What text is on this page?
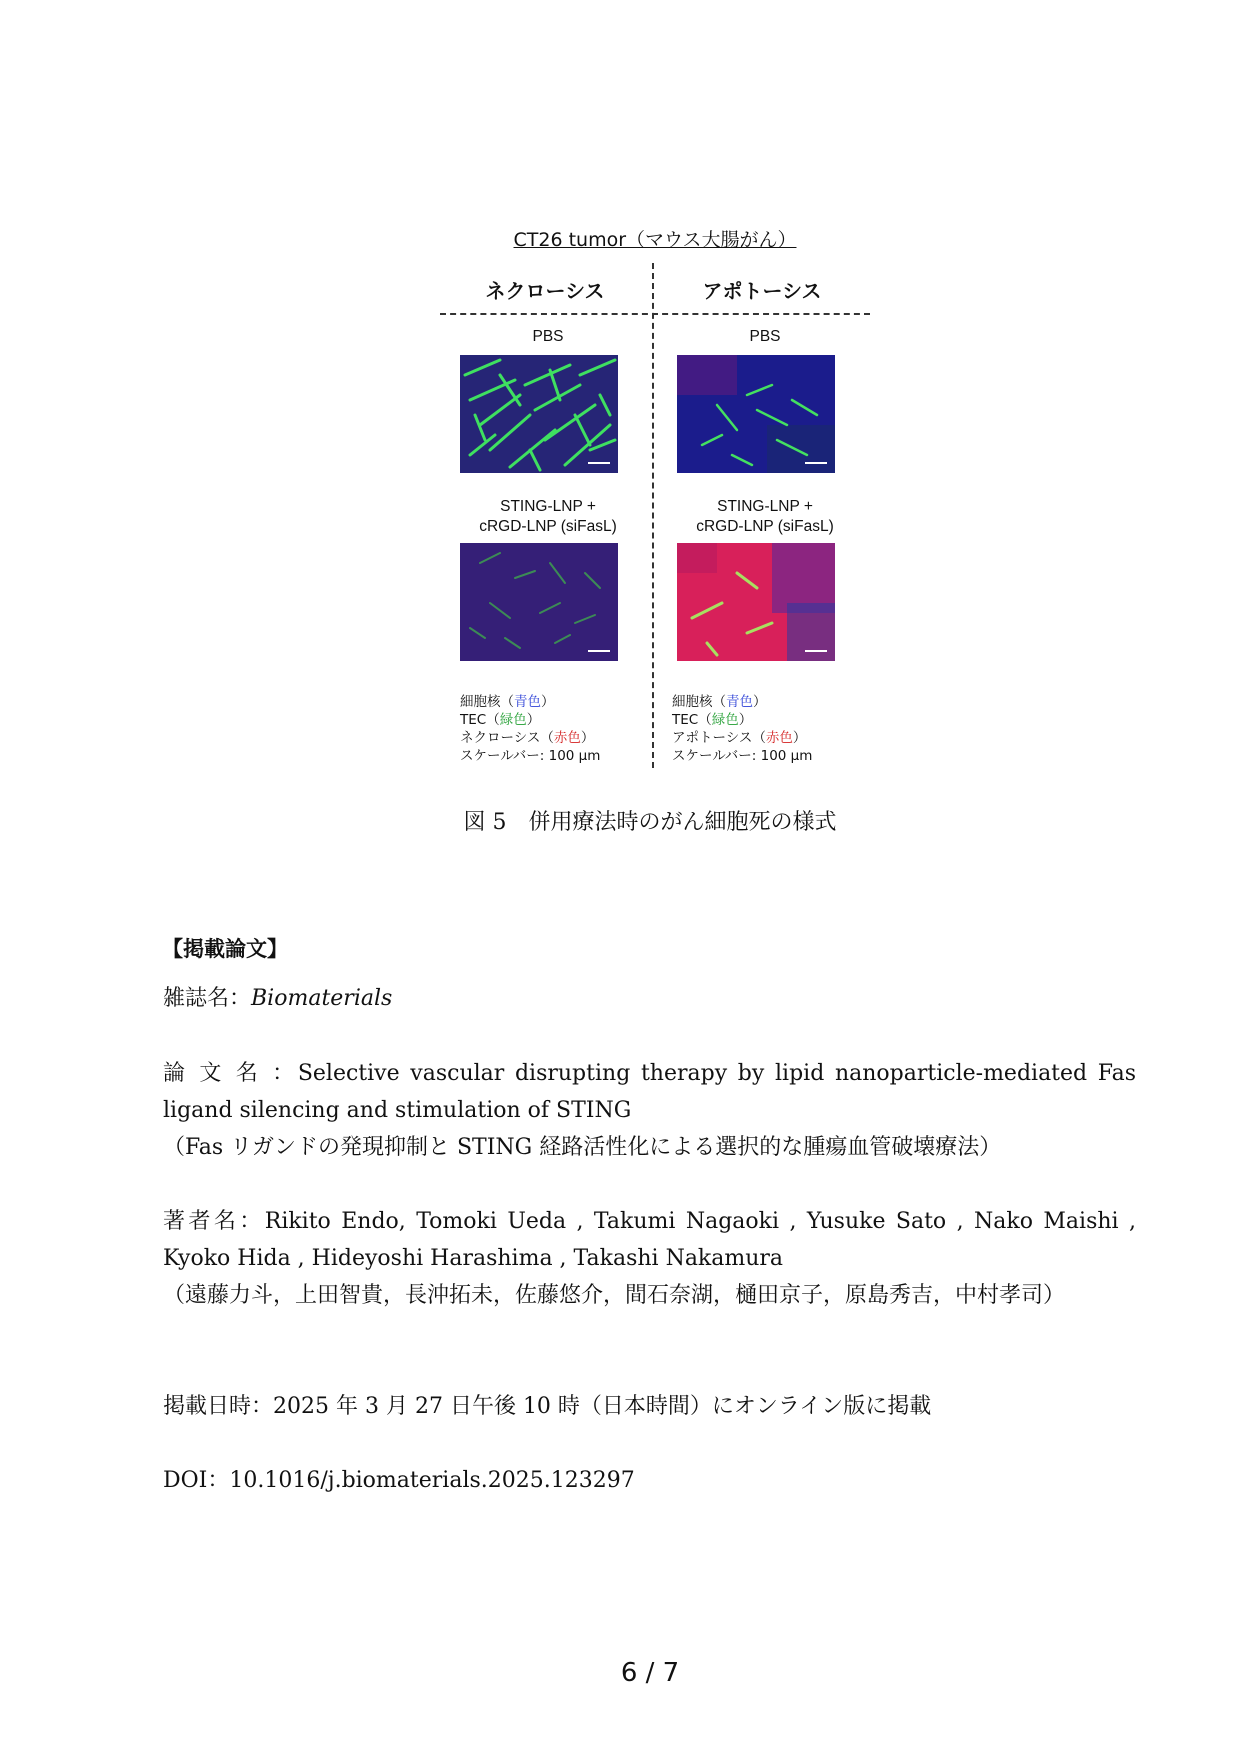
CT26 tumor（マウス大腸がん）
ネクローシス	アポトーシス
PBS
STING-LNP +
cRGD-LNP (siFasL)
PBS
STING-LNP +
cRGD-LNP (siFasL)
細胞核（青色）
TEC（緑色）
ネクローシス（赤色）
スケールバー: 100 μm
細胞核（青色）
TEC（緑色）
アポトーシス（赤色）
スケールバー: 100 μm
図 5　併用療法時のがん細胞死の様式
【掲載論文】
雑誌名：Biomaterials
論 文 名 ：Selective vascular disrupting therapy by lipid nanoparticle-mediated Fas ligand silencing and stimulation of STING
（Fas リガンドの発現抑制と STING 経路活性化による選択的な腫瘍血管破壊療法）
著者名：Rikito Endo, Tomoki Ueda , Takumi Nagaoki , Yusuke Sato , Nako Maishi , Kyoko Hida , Hideyoshi Harashima , Takashi Nakamura
（遠藤力斗，上田智貴，長沖拓未，佐藤悠介，間石奈湖，樋田京子，原島秀吉，中村孝司）
掲載日時：2025 年 3 月 27 日午後 10 時（日本時間）にオンライン版に掲載
DOI：10.1016/j.biomaterials.2025.123297
6 / 7
